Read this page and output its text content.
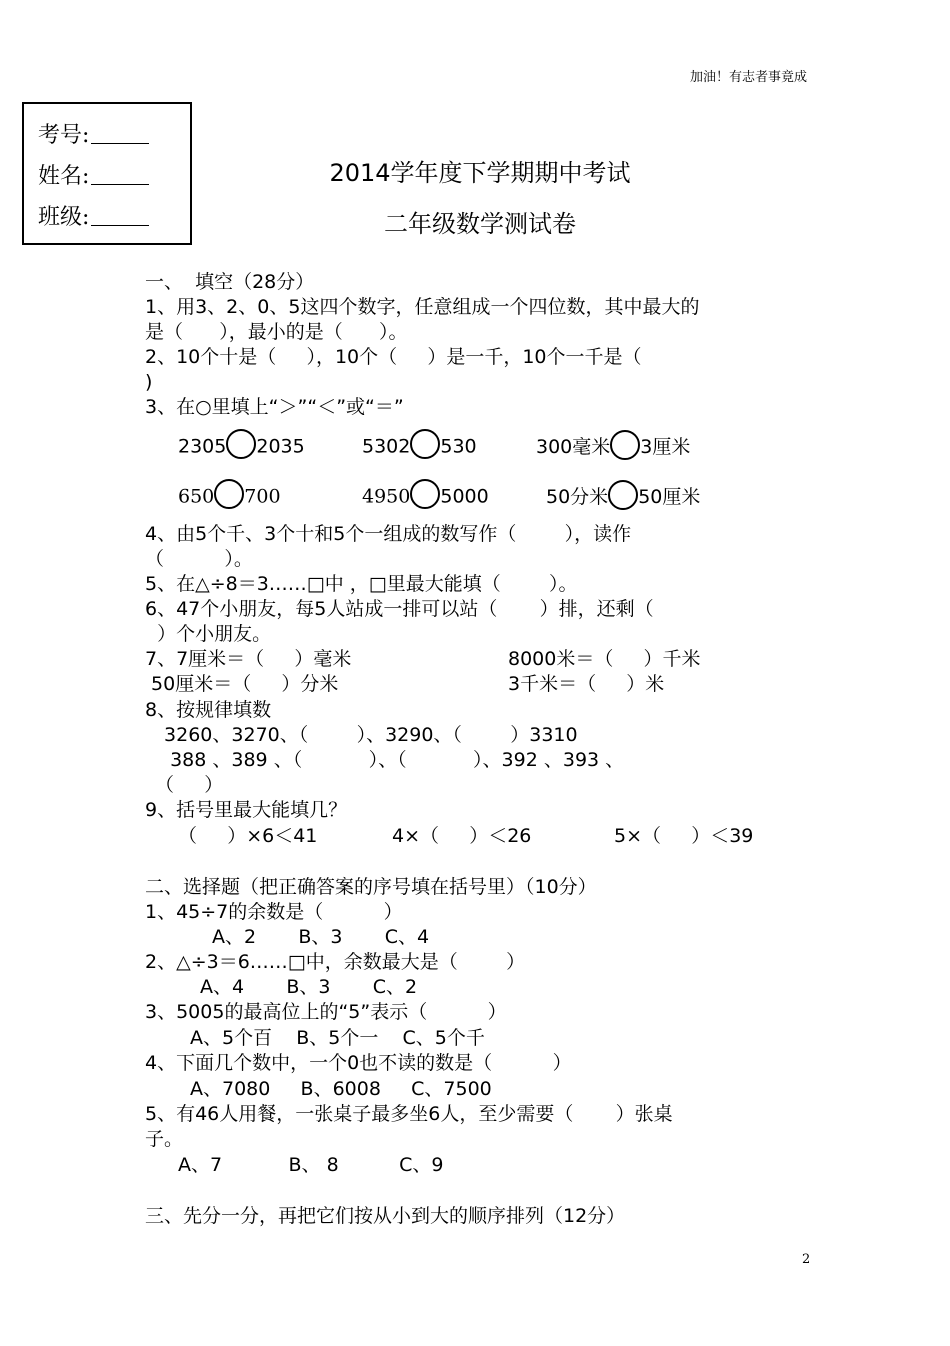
加油！有志者事竟成

考号:

姓名:

班级:

2014学年度下学期期中考试
二年级数学测试卷
一、  填空（28分）
1、用3、2、0、5这四个数字，任意组成一个四位数，其中最大的
是（      ），最小的是（      ）。
2、10个十是（     ），10个（     ）是一千，10个一千是（
)
3、在○里填上“＞”“＜”或“＝”
2305 2035	5302 530	300毫米 3厘米
650 700	4950 5000	50分米 50厘米
4、由5个千、3个十和5个一组成的数写作（        ），读作
（          ）。
5、在△÷8＝3……□中 ，□里最大能填（        ）。
6、47个小朋友，每5人站成一排可以站（       ）排，还剩（
）个小朋友。
7、7厘米＝（     ）毫米	8000米＝（     ）千米
50厘米＝（     ）分米	3千米＝（     ）米
8、按规律填数
3260、3270、（        ）、3290、（        ）3310
388 、389 、（           ）、（           ）、392 、393 、
（     ）
9、括号里最大能填几？
（     ）×6＜41	4×（     ）＜26	5×（     ）＜39
二、选择题（把正确答案的序号填在括号里）（10分）
1、45÷7的余数是（          ）
A、2       B、3       C、4
2、△÷3＝6……□中，余数最大是（        ）
A、4       B、3       C、2
3、5005的最高位上的“5”表示（          ）
A、5个百    B、5个一    C、5个千
4、下面几个数中，一个0也不读的数是（          ）
A、7080     B、6008     C、7500
5、有46人用餐，一张桌子最多坐6人，至少需要（       ）张桌
子。
A、7           B、 8          C、9
三、先分一分，再把它们按从小到大的顺序排列（12分）
2
